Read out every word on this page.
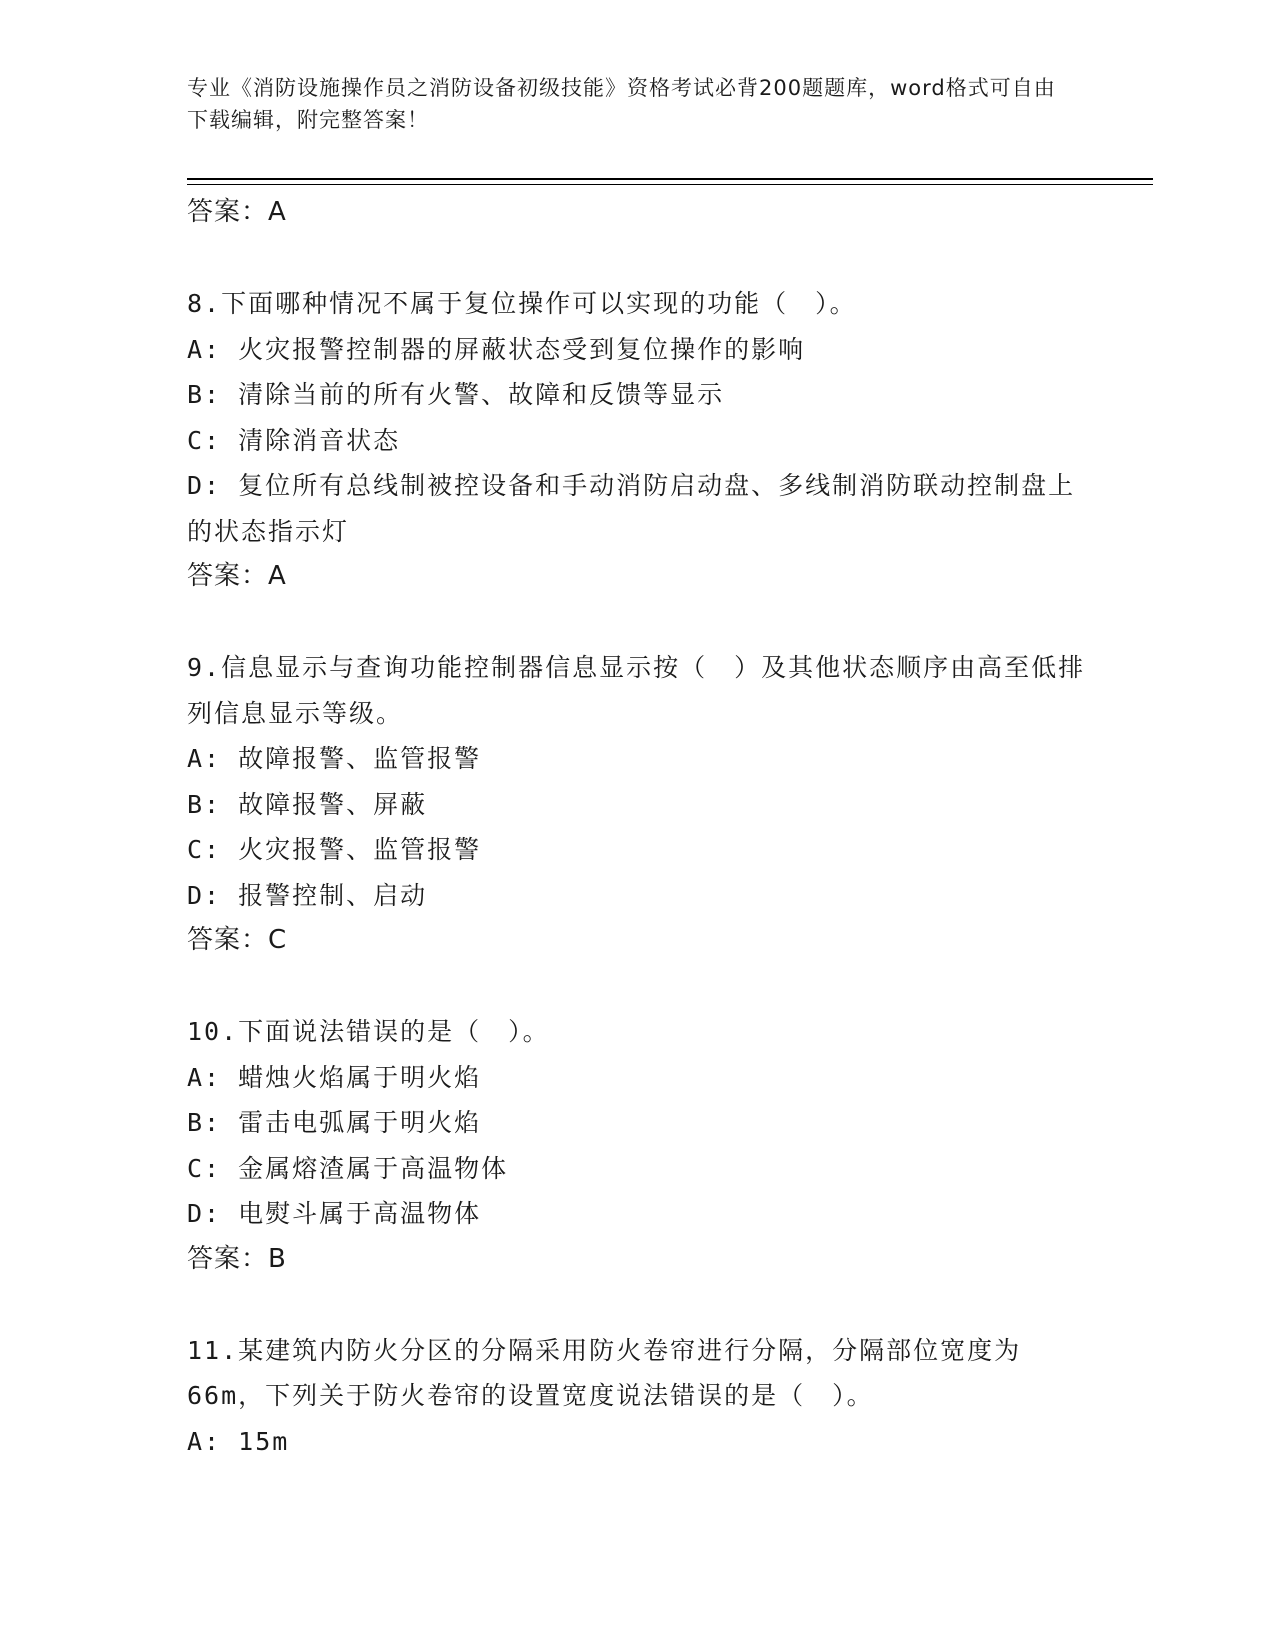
专业《消防设施操作员之消防设备初级技能》资格考试必背200题题库，word格式可自由下载编辑，附完整答案！
答案：A
8.下面哪种情况不属于复位操作可以实现的功能（　）。
A: 火灾报警控制器的屏蔽状态受到复位操作的影响
B: 清除当前的所有火警、故障和反馈等显示
C: 清除消音状态
D: 复位所有总线制被控设备和手动消防启动盘、多线制消防联动控制盘上的状态指示灯
答案：A
9.信息显示与查询功能控制器信息显示按（　）及其他状态顺序由高至低排列信息显示等级。
A: 故障报警、监管报警
B: 故障报警、屏蔽
C: 火灾报警、监管报警
D: 报警控制、启动
答案：C
10.下面说法错误的是（　）。
A: 蜡烛火焰属于明火焰
B: 雷击电弧属于明火焰
C: 金属熔渣属于高温物体
D: 电熨斗属于高温物体
答案：B
11.某建筑内防火分区的分隔采用防火卷帘进行分隔，分隔部位宽度为66m，下列关于防火卷帘的设置宽度说法错误的是（　）。
A: 15m
